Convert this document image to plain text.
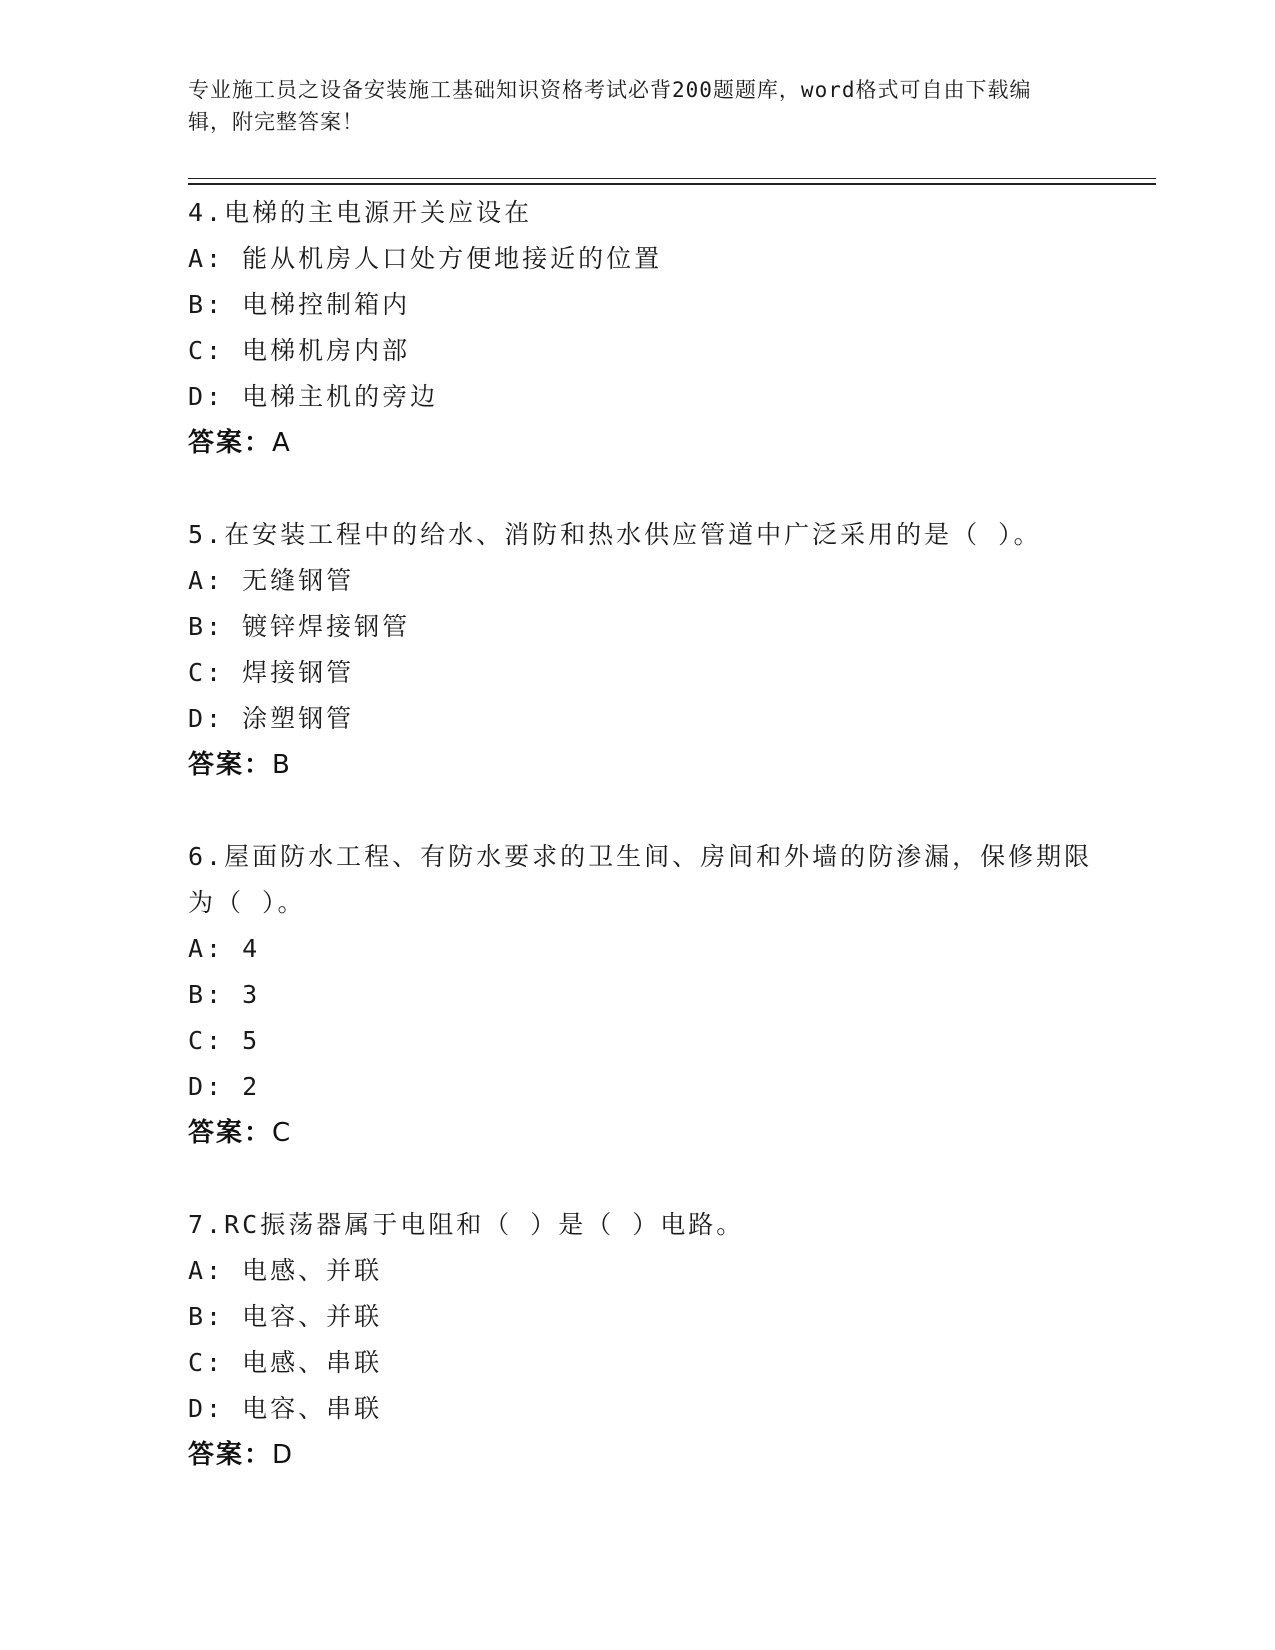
专业施工员之设备安装施工基础知识资格考试必背200题题库，word格式可自由下载编辑，附完整答案！
4.电梯的主电源开关应设在
A: 能从机房人口处方便地接近的位置
B: 电梯控制箱内
C: 电梯机房内部
D: 电梯主机的旁边
答案：A
5.在安装工程中的给水、消防和热水供应管道中广泛采用的是（ ）。
A: 无缝钢管
B: 镀锌焊接钢管
C: 焊接钢管
D: 涂塑钢管
答案：B
6.屋面防水工程、有防水要求的卫生间、房间和外墙的防渗漏，保修期限为（ ）。
A: 4
B: 3
C: 5
D: 2
答案：C
7.RC振荡器属于电阻和（ ）是（ ）电路。
A: 电感、并联
B: 电容、并联
C: 电感、串联
D: 电容、串联
答案：D
